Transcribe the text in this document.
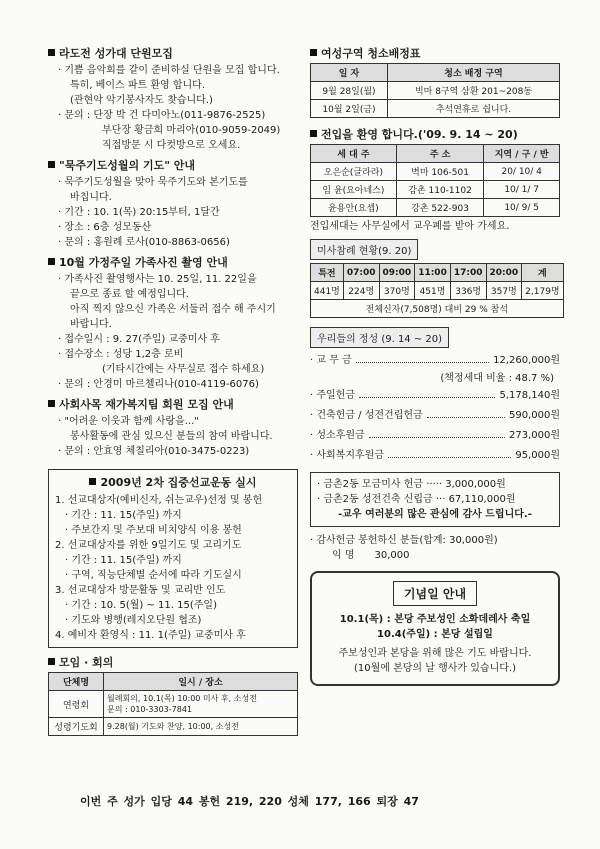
라도전 성가대 단원모집
· 기쁨 음악회를 같이 준비하실 단원을 모집 합니다.
특히, 베이스 파트 환영 합니다.
(관현악 악기봉사자도 찾습니다.)
· 문의 : 단장 박 건 다미아노(011-9876-2525)
부단장 황금희 마리아(010-9059-2049)
직접방문 시 다컷방으로 오세요.
"묵주기도성월의 기도" 안내
· 묵주기도성월을 맞아 묵주기도와 본기도를
바칩니다.
· 기간 : 10. 1(목) 20:15부터, 1달간
· 장소 : 6층 성모동산
· 문의 : 홍원례 로사(010-8863-0656)
10월 가정주일 가족사진 촬영 안내
· 가족사진 촬영행사는 10. 25일, 11. 22일을
끝으로 종료 할 예정입니다.
아직 찍지 않으신 가족은 서둘러 접수 해 주시기
바랍니다.
· 접수일시 : 9. 27(주일) 교중미사 후
· 접수장소 : 성당 1,2층 로비
(기타시간에는 사무실로 접수 하세요)
· 문의 : 안경미 마르첼리나(010-4119-6076)
사회사목 재가복지팀 회원 모집 안내
· "어려운 이웃과 함께 사랑을..."
봉사활동에 관심 있으신 분들의 참여 바랍니다.
· 문의 : 안효영 체칠리아(010-3475-0223)
2009년 2차 집중선교운동 실시
1. 선교대상자(예비신자, 쉬는교우)선정 및 봉헌
· 기간 : 11. 15(주일) 까지
· 주보간지 및 주보대 비치양식 이용 봉헌
2. 선교대상자를 위한 9일기도 및 고리기도
· 기간 : 11. 15(주일) 까지
· 구역, 직능단체별 순서에 따라 기도실시
3. 선교대상자 방문활동 및 교리반 인도
· 기간 : 10. 5(월) ~ 11. 15(주일)
· 기도와 병행(레지오단원 협조)
4. 예비자 환영식 : 11. 1(주일) 교중미사 후
모임 · 회의
단체명	일시 / 장소
연령회	월례회의, 10.1(목) 10:00 미사 후, 소성전
문의 : 010-3303-7841

성령기도회	9.28(월) 기도와 찬양, 10:00, 소성전
여성구역 청소배정표
일 자	청소 배정 구역
9월 28일(월)	빅마 8구역 삼환 201~208동
10월 2일(금)	추석연휴로 쉽니다.
전입을 환영 합니다.('09. 9. 14 ~ 20)
세 대 주	주 소	지역 / 구 / 반
오은순(글라라)	벽마 106-501	20/ 10/ 4
임 윤(요아네스)	감촌 110-1102	10/ 1/ 7
윤용안(요셉)	강촌 522-903	10/ 9/ 5
전입세대는 사무실에서 교우폐를 받아 가세요.
미사참례 현황(9. 20)
특전	07:00	09:00	11:00	17:00	20:00	계
441명	224명	370명	451명	336명	357명	2,179명
전체신자(7,508명) 대비 29 % 참석						
우리들의 정성 (9. 14 ~ 20)
· 교 무 금	12,260,000원
(책정세대 비율 : 48.7 %)
· 주일헌금	5,178,140원
· 건축헌금 / 성전건립헌금	590,000원
· 성소후원금	273,000원
· 사회복지후원금	95,000원
· 금촌2동 모금미사 헌금 ····· 3,000,000원
· 금촌2동 성전건축 신립금 ··· 67,110,000원
-교우 여러분의 많은 관심에 감사 드립니다.-
· 감사헌금 봉헌하신 분들(합계: 30,000원)
익 명 30,000
기념일 안내
10.1(목) : 본당 주보성인 소화데레사 축일
10.4(주일) : 본당 설립일
주보성인과 본당을 위해 많은 기도 바랍니다.
(10월에 본당의 날 행사가 있습니다.)
이번 주 성가 입당 44 봉헌 219, 220 성체 177, 166 퇴장 47
